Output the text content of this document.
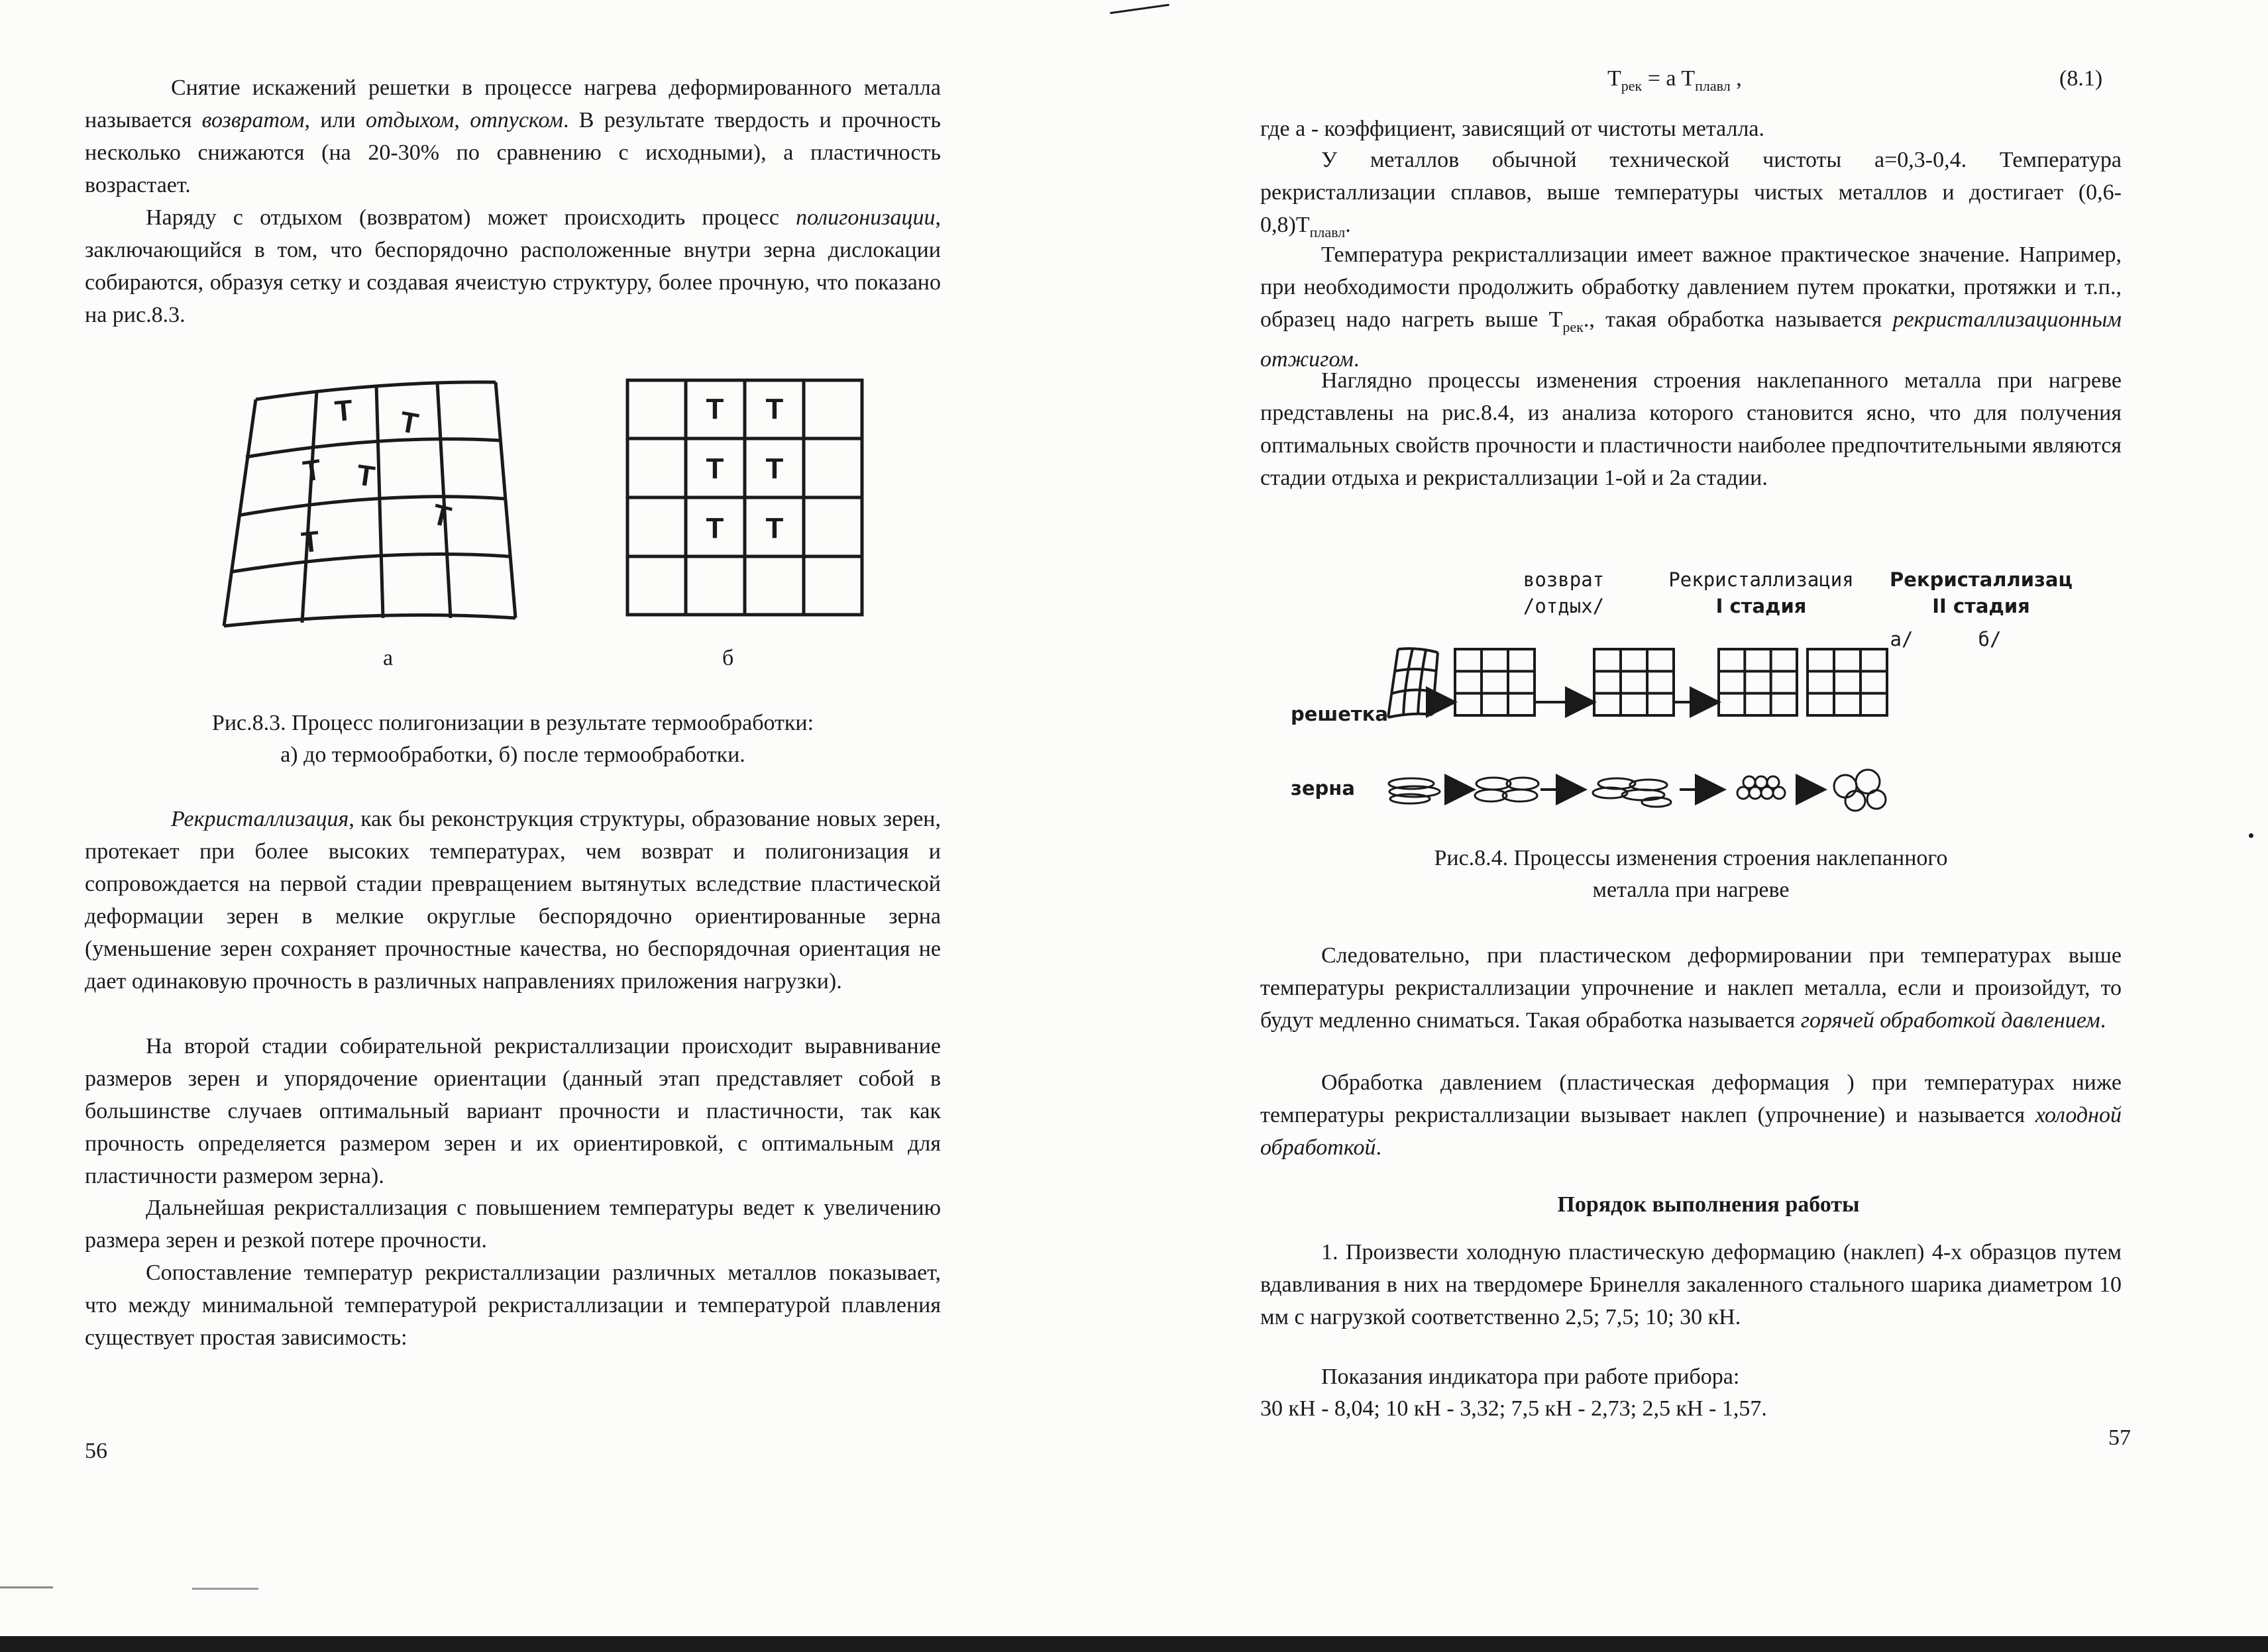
Снятие искажений решетки в процессе нагрева деформированного металла называется возвратом, или отдыхом, отпуском. В результате твердость и прочность несколько снижаются (на 20-30% по сравнению с исходными), а пластичность возрастает.

Наряду с отдыхом (возвратом) может происходить процесс полигонизации, заключающийся в том, что беспорядочно расположенные внутри зерна дислокации собираются, образуя сетку и создавая ячеистую структуру, более прочную, что показано на рис.8.3.

T T
T T
T
T
T T
T T
T T
а	б

Рис.8.3. Процесс полигонизации в результате термообработки:
а) до термообработки, б) после термообработки.

Рекристаллизация, как бы реконструкция структуры, образование новых зерен, протекает при более высоких температурах, чем возврат и полигонизация и сопровождается на первой стадии превращением вытянутых вследствие пластической деформации зерен в мелкие округлые беспорядочно ориентированные зерна (уменьшение зерен сохраняет прочностные качества, но беспорядочная ориентация не дает одинаковую прочность в различных направлениях приложения нагрузки).

На второй стадии собирательной рекристаллизации происходит выравнивание размеров зерен и упорядочение ориентации (данный этап представляет собой в большинстве случаев оптимальный вариант прочности и пластичности, так как прочность определяется размером зерен и их ориентировкой, с оптимальным для пластичности размером зерна).

Дальнейшая рекристаллизация с повышением температуры ведет к увеличению размера зерен и резкой потере прочности.

Сопоставление температур рекристаллизации различных металлов показывает, что между минимальной температурой рекристаллизации и температурой плавления существует простая зависимость:

56
$T_{рек} = a$ $T_{плавл}$ ,	(8.1)

где а - коэффициент, зависящий от чистоты металла.

У металлов обычной технической чистоты a=0,3-0,4. Температура рекристаллизации сплавов, выше температуры чистых металлов и достигает $(0,6-0,8)T_{плавл}$.

Температура рекристаллизации имеет важное практическое значение. Например, при необходимости продолжить обработку давлением путем прокатки, протяжки и т.п., образец надо нагреть выше $T_{рек}$., такая обработка называется рекристаллизационным отжигом.

Наглядно процессы изменения строения наклепанного металла при нагреве представлены на рис.8.4, из анализа которого становится ясно, что для получения оптимальных свойств прочности и пластичности наиболее предпочтительными являются стадии отдыха и рекристаллизации 1-ой и 2а стадии.

возврат
/отдых/
Рекристаллизация
I стадия
Рекристаллизац
II стадия
а/	б/
решетка
зерна

Рис.8.4. Процессы изменения строения наклепанного
металла при нагреве

Следовательно, при пластическом деформировании при температурах выше температуры рекристаллизации упрочнение и наклеп металла, если и произойдут, то будут медленно сниматься. Такая обработка называется горячей обработкой давлением.

Обработка давлением (пластическая деформация ) при температурах ниже температуры рекристаллизации вызывает наклеп (упрочнение) и называется холодной обработкой.

Порядок выполнения работы

1. Произвести холодную пластическую деформацию (наклеп) 4-х образцов путем вдавливания в них на твердомере Бринелля закаленного стального шарика диаметром 10 мм с нагрузкой соответственно 2,5; 7,5; 10; 30 кН.

Показания индикатора при работе прибора:

30 кН - 8,04; 10 кН - 3,32; 7,5 кН - 2,73; 2,5 кН - 1,57.

57
